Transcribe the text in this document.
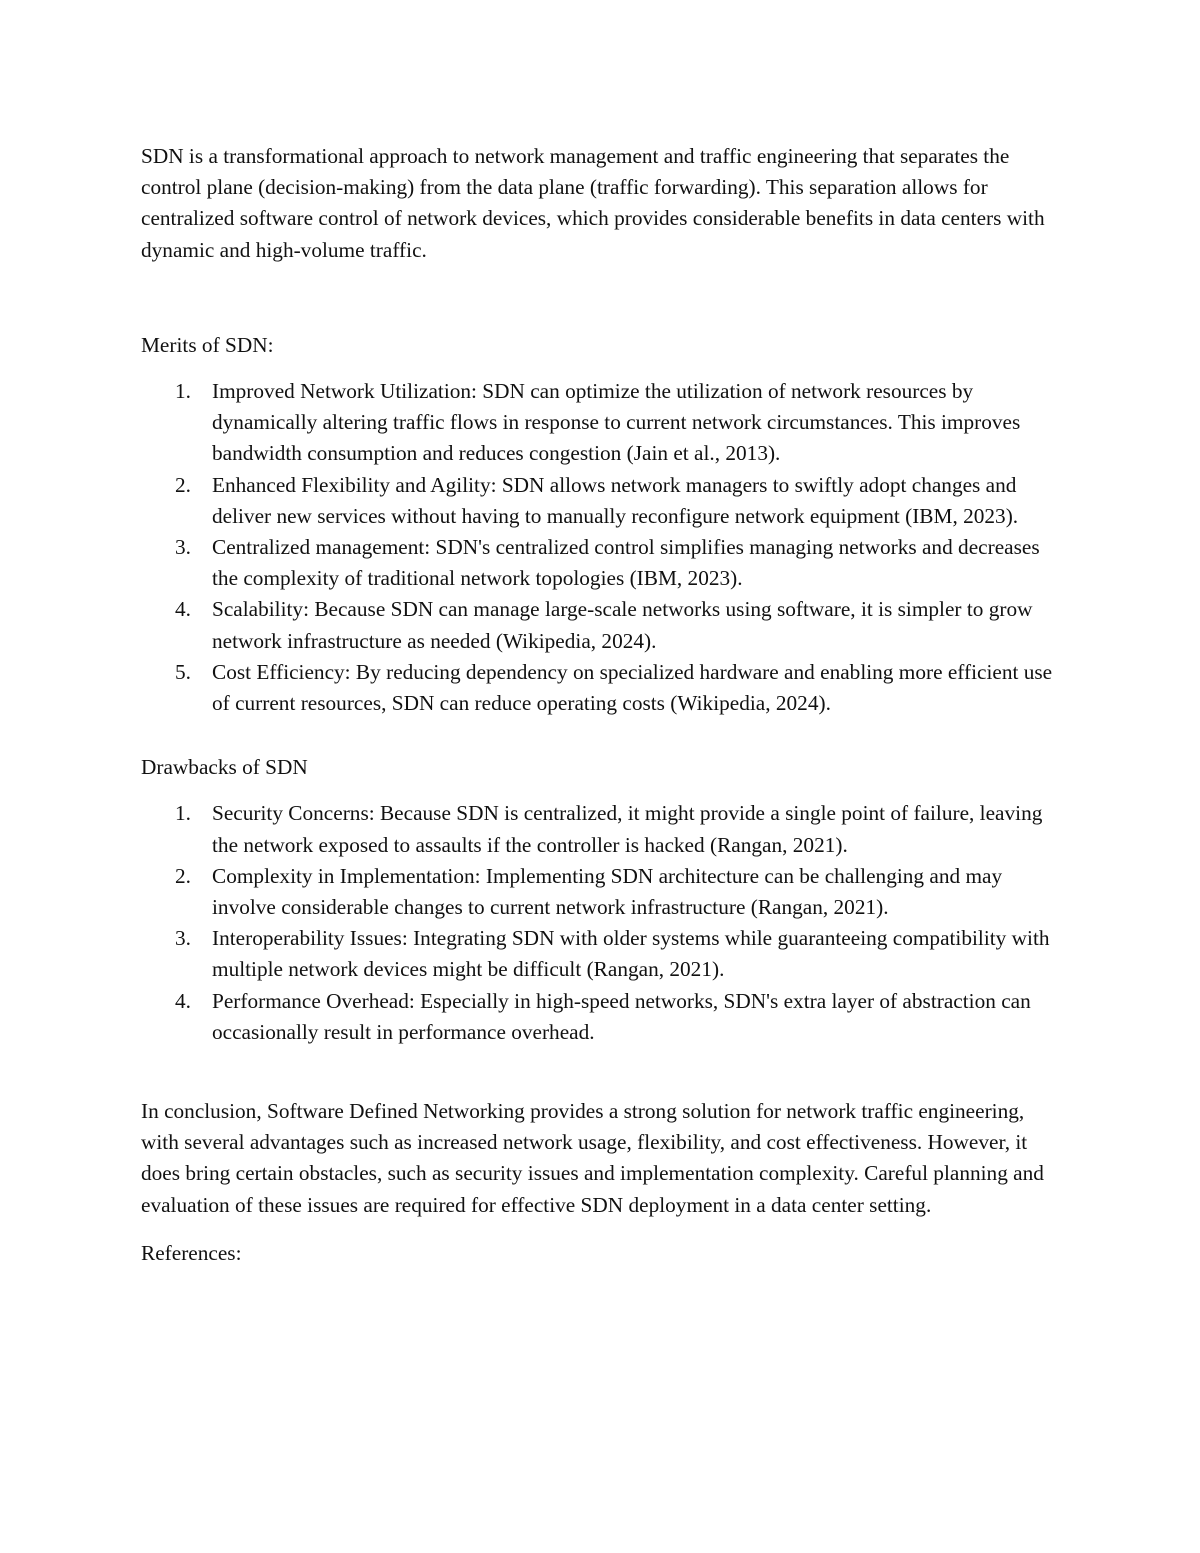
SDN is a transformational approach to network management and traffic engineering that separates the control plane (decision-making) from the data plane (traffic forwarding). This separation allows for centralized software control of network devices, which provides considerable benefits in data centers with dynamic and high-volume traffic.

Merits of SDN:

1. Improved Network Utilization: SDN can optimize the utilization of network resources by dynamically altering traffic flows in response to current network circumstances. This improves bandwidth consumption and reduces congestion (Jain et al., 2013).
2. Enhanced Flexibility and Agility: SDN allows network managers to swiftly adopt changes and deliver new services without having to manually reconfigure network equipment (IBM, 2023).
3. Centralized management: SDN's centralized control simplifies managing networks and decreases the complexity of traditional network topologies (IBM, 2023).
4. Scalability: Because SDN can manage large-scale networks using software, it is simpler to grow network infrastructure as needed (Wikipedia, 2024).
5. Cost Efficiency: By reducing dependency on specialized hardware and enabling more efficient use of current resources, SDN can reduce operating costs (Wikipedia, 2024).

Drawbacks of SDN

1. Security Concerns: Because SDN is centralized, it might provide a single point of failure, leaving the network exposed to assaults if the controller is hacked (Rangan, 2021).
2. Complexity in Implementation: Implementing SDN architecture can be challenging and may involve considerable changes to current network infrastructure (Rangan, 2021).
3. Interoperability Issues: Integrating SDN with older systems while guaranteeing compatibility with multiple network devices might be difficult (Rangan, 2021).
4. Performance Overhead: Especially in high-speed networks, SDN's extra layer of abstraction can occasionally result in performance overhead.

In conclusion, Software Defined Networking provides a strong solution for network traffic engineering, with several advantages such as increased network usage, flexibility, and cost effectiveness. However, it does bring certain obstacles, such as security issues and implementation complexity. Careful planning and evaluation of these issues are required for effective SDN deployment in a data center setting.

References:
